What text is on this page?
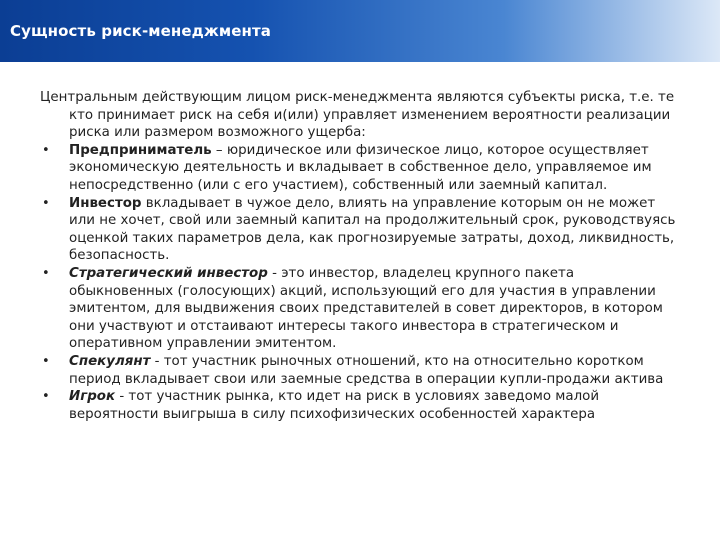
Сущность риск-менеджмента

Центральным действующим лицом риск-менеджмента являются субъекты риска, т.е. те кто принимает риск на себя и(или) управляет изменением вероятности реализации риска или размером возможного ущерба:

• Предприниматель – юридическое или физическое лицо, которое осуществляет экономическую деятельность и вкладывает в собственное дело, управляемое им непосредственно (или с его участием), собственный или заемный капитал.
• Инвестор вкладывает в чужое дело, влиять на управление которым он не может или не хочет, свой или заемный капитал на продолжительный срок, руководствуясь оценкой таких параметров дела, как прогнозируемые затраты, доход, ликвидность, безопасность.
• Стратегический инвестор - это инвестор, владелец крупного пакета обыкновенных (голосующих) акций, использующий его для участия в управлении эмитентом, для выдвижения своих представителей в совет директоров, в котором они участвуют и отстаивают интересы такого инвестора в стратегическом и оперативном управлении эмитентом.
• Спекулянт - тот участник рыночных отношений, кто на относительно коротком период вкладывает свои или заемные средства в операции купли-продажи актива
• Игрок - тот участник рынка, кто идет на риск в условиях заведомо малой вероятности выигрыша в силу психофизических особенностей характера
